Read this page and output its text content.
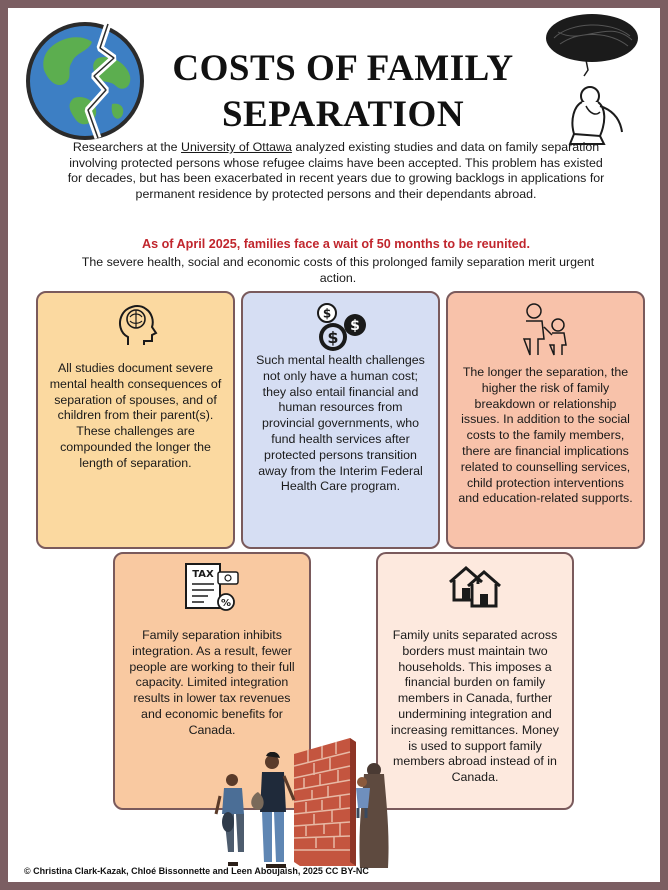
COSTS OF FAMILY
SEPARATION
Researchers at the University of Ottawa analyzed existing studies and data on family separation involving protected persons whose refugee claims have been accepted. This problem has existed for decades, but has been exacerbated in recent years due to growing backlogs in applications for permanent residence by protected persons and their dependants abroad.
As of April 2025, families face a wait of 50 months to be reunited.
The severe health, social and economic costs of this prolonged family separation merit urgent action.
All studies document severe mental health consequences of separation of spouses, and of children from their parent(s). These challenges are compounded the longer the length of separation.
$
$
$
Such mental health challenges not only have a human cost; they also entail financial and human resources from provincial governments, who fund health services after protected persons transition away from the Interim Federal Health Care program.
The longer the separation, the higher the risk of family breakdown or relationship issues. In addition to the social costs to the family members, there are financial implications related to counselling services, child protection interventions and education-related supports.
TAX
%
Family separation inhibits integration. As a result, fewer people are working to their full capacity. Limited integration results in lower tax revenues and economic benefits for Canada.
Family units separated across borders must maintain two households. This imposes a financial burden on family members in Canada, further undermining integration and increasing remittances. Money is used to support family members abroad instead of in Canada.
© Christina Clark-Kazak, Chloé Bissonnette and Leen Aboujaish, 2025 CC BY-NC
